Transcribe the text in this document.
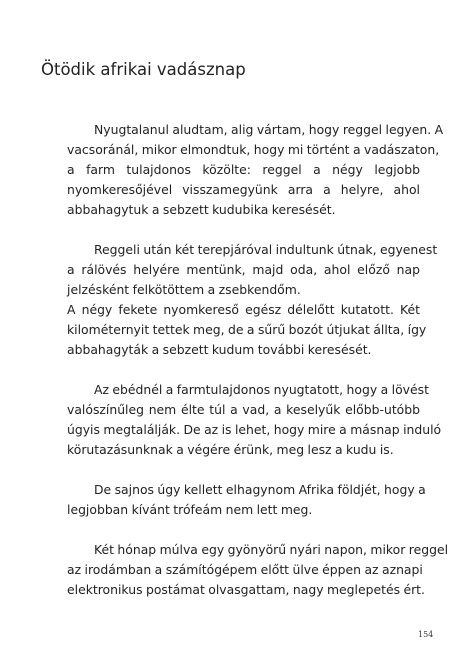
Ötödik afrikai vadásznap
Nyugtalanul aludtam, alig vártam, hogy reggel legyen. A
vacsoránál, mikor elmondtuk, hogy mi történt a vadászaton,
a farm tulajdonos közölte: reggel a négy legjobb
nyomkeresőjével visszamegyünk arra a helyre, ahol
abbahagytuk a sebzett kudubika keresését.
Reggeli után két terepjáróval indultunk útnak, egyenest
a rálövés helyére mentünk, majd oda, ahol előző nap
jelzésként felkötöttem a zsebkendőm.
A négy fekete nyomkereső egész délelőtt kutatott. Két
kilométernyit tettek meg, de a sűrű bozót útjukat állta, így
abbahagyták a sebzett kudum további keresését.
Az ebédnél a farmtulajdonos nyugtatott, hogy a lövést
valószínűleg nem élte túl a vad, a keselyűk előbb-utóbb
úgyis megtalálják. De az is lehet, hogy mire a másnap induló
körutazásunknak a végére érünk, meg lesz a kudu is.
De sajnos úgy kellett elhagynom Afrika földjét, hogy a
legjobban kívánt trófeám nem lett meg.
Két hónap múlva egy gyönyörű nyári napon, mikor reggel
az irodámban a számítógépem előtt ülve éppen az aznapi
elektronikus postámat olvasgattam, nagy meglepetés ért.
154
